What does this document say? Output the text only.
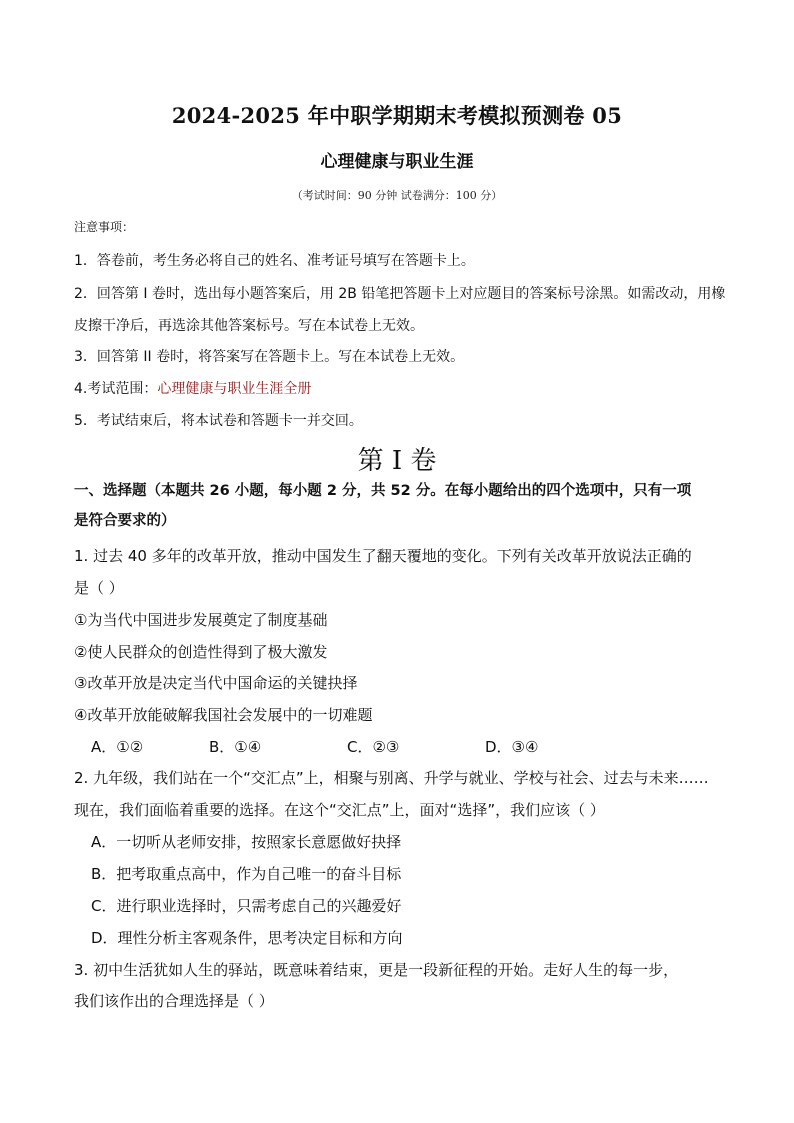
2024-2025 年中职学期期末考模拟预测卷 05
心理健康与职业生涯
（考试时间：90 分钟 试卷满分：100 分）
注意事项：
1．答卷前，考生务必将自己的姓名、准考证号填写在答题卡上。
2．回答第 I 卷时，选出每小题答案后，用 2B 铅笔把答题卡上对应题目的答案标号涂黑。如需改动，用橡
皮擦干净后，再选涂其他答案标号。写在本试卷上无效。
3．回答第 II 卷时，将答案写在答题卡上。写在本试卷上无效。
4.考试范围：心理健康与职业生涯全册
5．考试结束后，将本试卷和答题卡一并交回。
第 I 卷
一、选择题（本题共 26 小题，每小题 2 分，共 52 分。在每小题给出的四个选项中，只有一项
是符合要求的）
1. 过去 40 多年的改革开放，推动中国发生了翻天覆地的变化。下列有关改革开放说法正确的
是（ ）
①为当代中国进步发展奠定了制度基础
②使人民群众的创造性得到了极大激发
③改革开放是决定当代中国命运的关键抉择
④改革开放能破解我国社会发展中的一切难题
A．①②	B．①④	C．②③	D．③④
2. 九年级，我们站在一个“交汇点”上，相聚与别离、升学与就业、学校与社会、过去与未来……
现在，我们面临着重要的选择。在这个“交汇点”上，面对“选择”，我们应该（ ）
A．一切听从老师安排，按照家长意愿做好抉择
B．把考取重点高中，作为自己唯一的奋斗目标
C．进行职业选择时，只需考虑自己的兴趣爱好
D．理性分析主客观条件，思考决定目标和方向
3. 初中生活犹如人生的驿站，既意味着结束，更是一段新征程的开始。走好人生的每一步，
我们该作出的合理选择是（ ）
